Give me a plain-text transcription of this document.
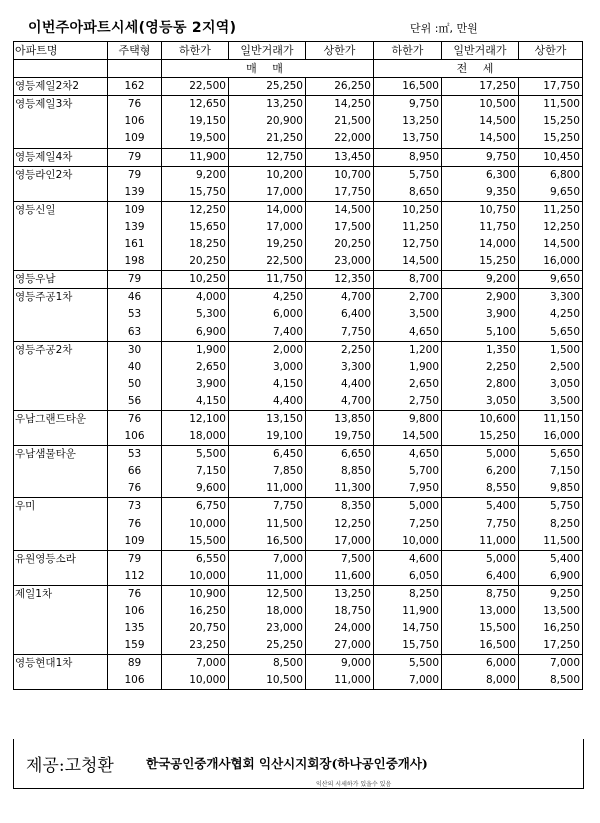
이번주아파트시세(영등동 2지역)	단위 :㎡, 만원
아파트명	주택형	하한가	일반거래가	상한가	하한가	일반거래가	상한가
		매 매			전 세		
영등제일2차2	162	22,500	25,250	26,250	16,500	17,250	17,750
영등제일3차	76	12,650	13,250	14,250	9,750	10,500	11,500
	106	19,150	20,900	21,500	13,250	14,500	15,250
	109	19,500	21,250	22,000	13,750	14,500	15,250
영등제일4차	79	11,900	12,750	13,450	8,950	9,750	10,450
영등라인2차	79	9,200	10,200	10,700	5,750	6,300	6,800
	139	15,750	17,000	17,750	8,650	9,350	9,650
영등신일	109	12,250	14,000	14,500	10,250	10,750	11,250
	139	15,650	17,000	17,500	11,250	11,750	12,250
	161	18,250	19,250	20,250	12,750	14,000	14,500
	198	20,250	22,500	23,000	14,500	15,250	16,000
영등우남	79	10,250	11,750	12,350	8,700	9,200	9,650
영등주공1차	46	4,000	4,250	4,700	2,700	2,900	3,300
	53	5,300	6,000	6,400	3,500	3,900	4,250
	63	6,900	7,400	7,750	4,650	5,100	5,650
영등주공2차	30	1,900	2,000	2,250	1,200	1,350	1,500
	40	2,650	3,000	3,300	1,900	2,250	2,500
	50	3,900	4,150	4,400	2,650	2,800	3,050
	56	4,150	4,400	4,700	2,750	3,050	3,500
우남그랜드타운	76	12,100	13,150	13,850	9,800	10,600	11,150
	106	18,000	19,100	19,750	14,500	15,250	16,000
우남샘물타운	53	5,500	6,450	6,650	4,650	5,000	5,650
	66	7,150	7,850	8,850	5,700	6,200	7,150
	76	9,600	11,000	11,300	7,950	8,550	9,850
우미	73	6,750	7,750	8,350	5,000	5,400	5,750
	76	10,000	11,500	12,250	7,250	7,750	8,250
	109	15,500	16,500	17,000	10,000	11,000	11,500
유원영등소라	79	6,550	7,000	7,500	4,600	5,000	5,400
	112	10,000	11,000	11,600	6,050	6,400	6,900
제일1차	76	10,900	12,500	13,250	8,250	8,750	9,250
	106	16,250	18,000	18,750	11,900	13,000	13,500
	135	20,750	23,000	24,000	14,750	15,500	16,250
	159	23,250	25,250	27,000	15,750	16,500	17,250
영등현대1차	89	7,000	8,500	9,000	5,500	6,000	7,000
	106	10,000	10,500	11,000	7,000	8,000	8,500
제공:고청환	한국공인중개사협회 익산시지회장(하나공인중개사)
익산의 시세하가 있을수 있음
